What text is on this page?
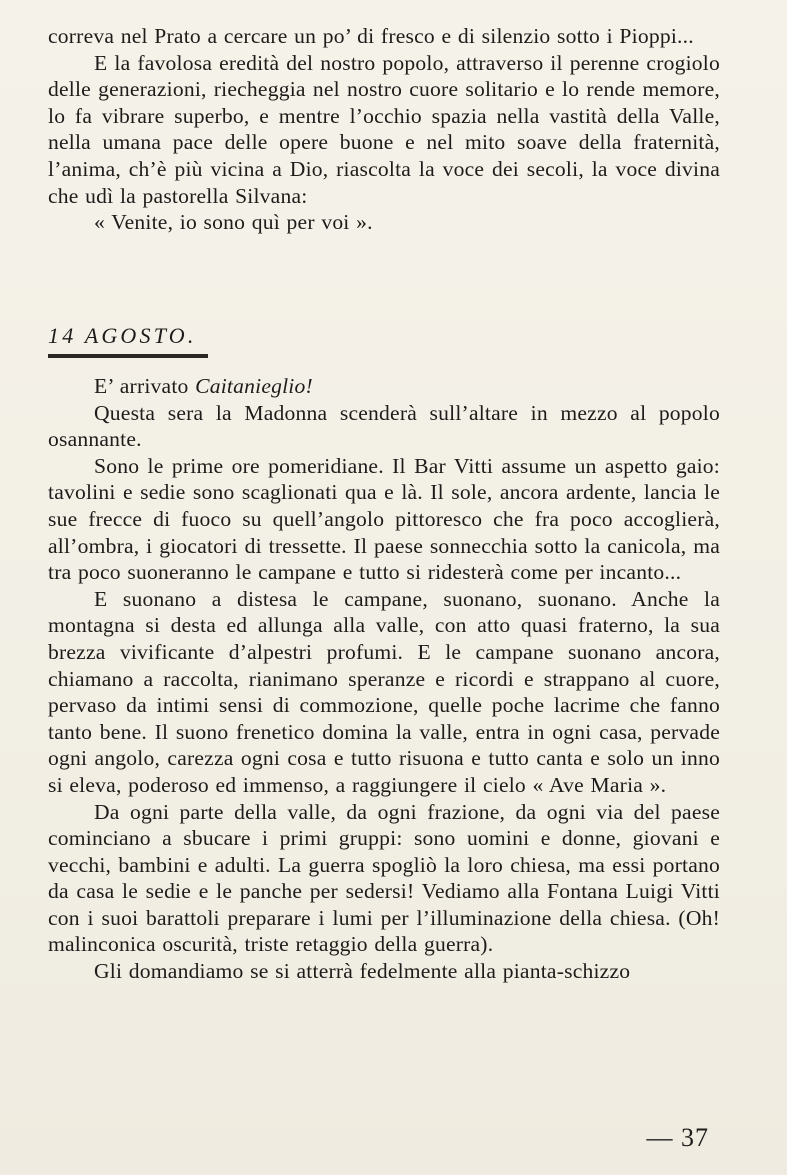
correva nel Prato a cercare un po’ di fresco e di silenzio sotto i Pioppi...

E la favolosa eredità del nostro popolo, attraverso il perenne crogiolo delle generazioni, riecheggia nel nostro cuore solitario e lo rende memore, lo fa vibrare superbo, e mentre l’occhio spazia nella vastità della Valle, nella umana pace delle opere buone e nel mito soave della fraternità, l’anima, ch’è più vicina a Dio, riascolta la voce dei secoli, la voce divina che udì la pastorella Silvana:

« Venite, io sono quì per voi ».

14 AGOSTO.

E’ arrivato Caitanieglio!

Questa sera la Madonna scenderà sull’altare in mezzo al popolo osannante.

Sono le prime ore pomeridiane. Il Bar Vitti assume un aspetto gaio: tavolini e sedie sono scaglionati qua e là. Il sole, ancora ardente, lancia le sue frecce di fuoco su quell’angolo pittoresco che fra poco accoglierà, all’ombra, i giocatori di tressette. Il paese sonnecchia sotto la canicola, ma tra poco suoneranno le campane e tutto si ridesterà come per incanto...

E suonano a distesa le campane, suonano, suonano. Anche la montagna si desta ed allunga alla valle, con atto quasi fraterno, la sua brezza vivificante d’alpestri profumi. E le campane suonano ancora, chiamano a raccolta, rianimano speranze e ricordi e strappano al cuore, pervaso da intimi sensi di commozione, quelle poche lacrime che fanno tanto bene. Il suono frenetico domina la valle, entra in ogni casa, pervade ogni angolo, carezza ogni cosa e tutto risuona e tutto canta e solo un inno si eleva, poderoso ed immenso, a raggiungere il cielo « Ave Maria ».

Da ogni parte della valle, da ogni frazione, da ogni via del paese cominciano a sbucare i primi gruppi: sono uomini e donne, giovani e vecchi, bambini e adulti. La guerra spogliò la loro chiesa, ma essi portano da casa le sedie e le panche per sedersi! Vediamo alla Fontana Luigi Vitti con i suoi barattoli preparare i lumi per l’illuminazione della chiesa. (Oh! malinconica oscurità, triste retaggio della guerra).

Gli domandiamo se si atterrà fedelmente alla pianta-schizzo

— 37
